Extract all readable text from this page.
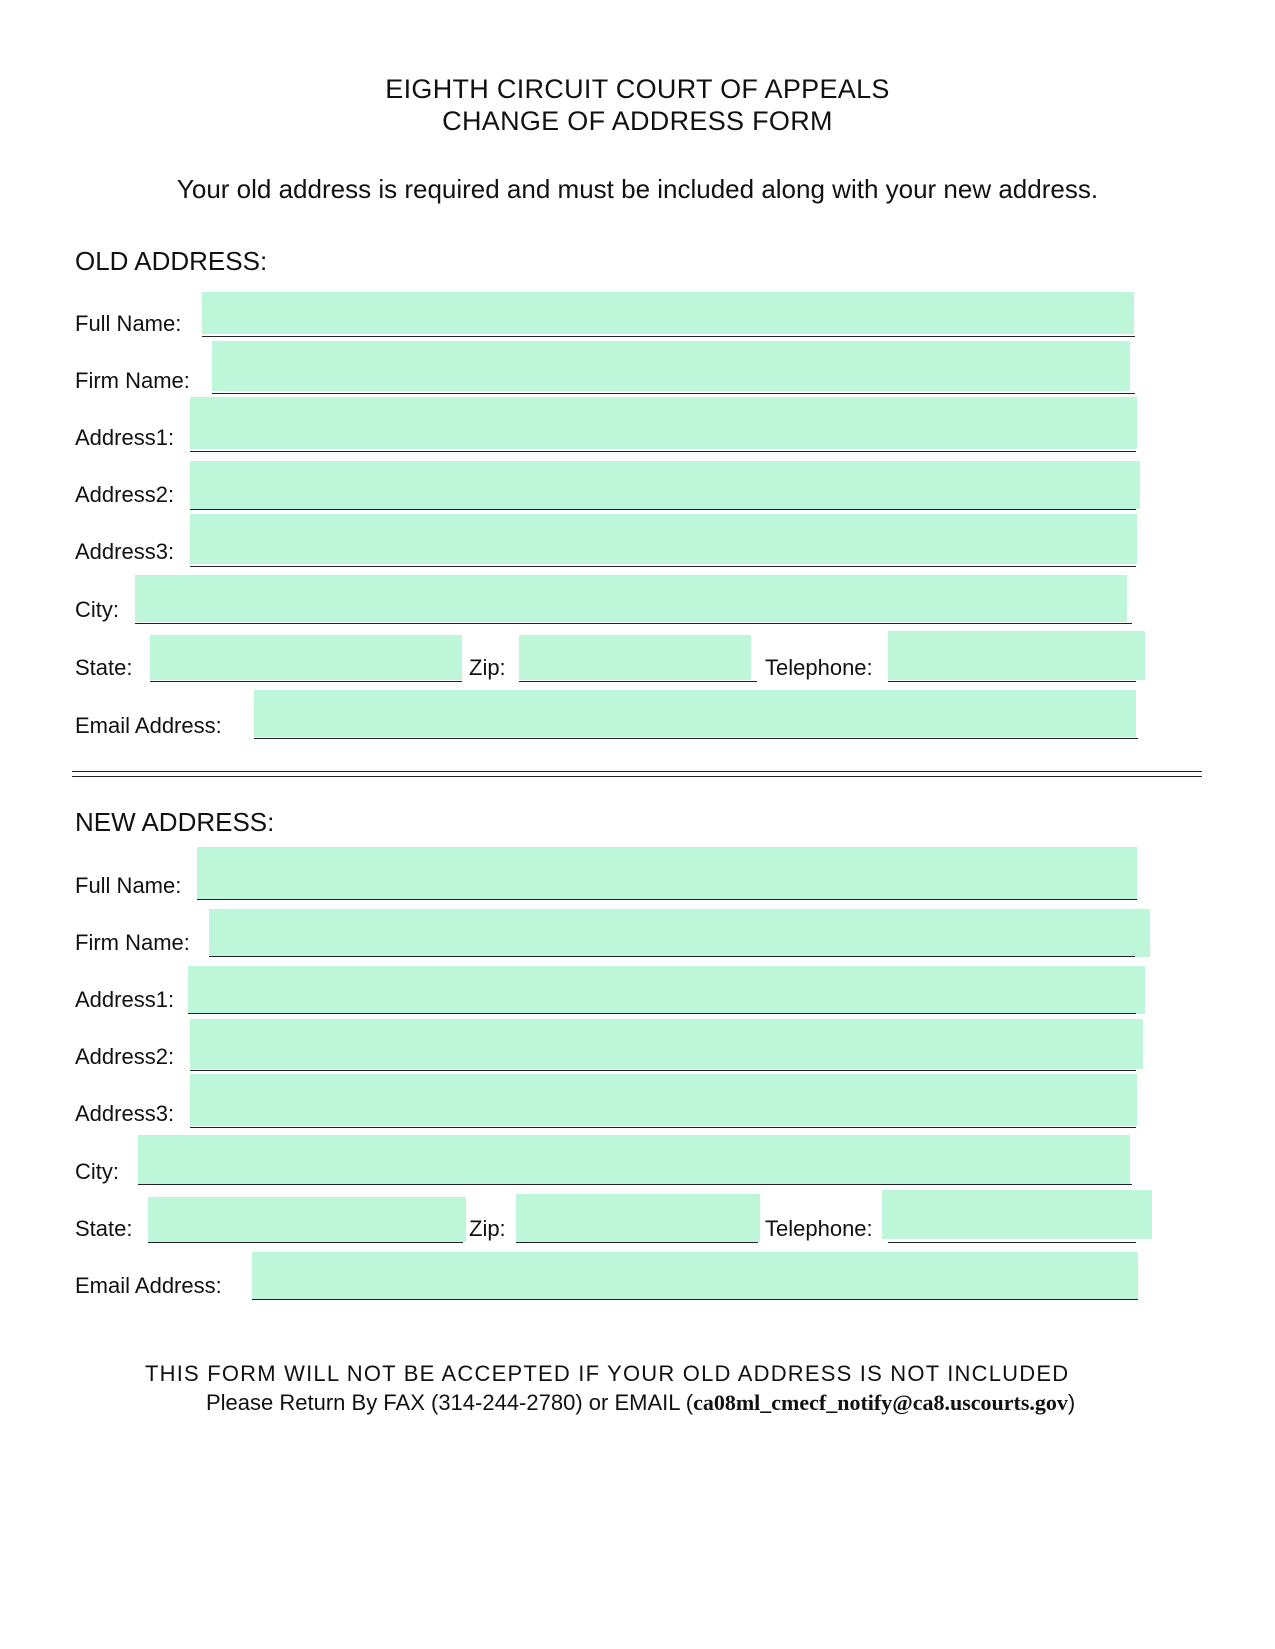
EIGHTH CIRCUIT COURT OF APPEALS
CHANGE OF ADDRESS FORM
Your old address is required and must be included along with your new address.
OLD ADDRESS:
Full Name:
Firm Name:
Address1:
Address2:
Address3:
City:
State:	Zip:	Telephone:
Email Address:
NEW ADDRESS:
Full Name:
Firm Name:
Address1:
Address2:
Address3:
City:
State:	Zip:	Telephone:
Email Address:
THIS FORM WILL NOT BE ACCEPTED IF YOUR OLD ADDRESS IS NOT INCLUDED
Please Return By FAX (314-244-2780) or EMAIL (ca08ml_cmecf_notify@ca8.uscourts.gov)
